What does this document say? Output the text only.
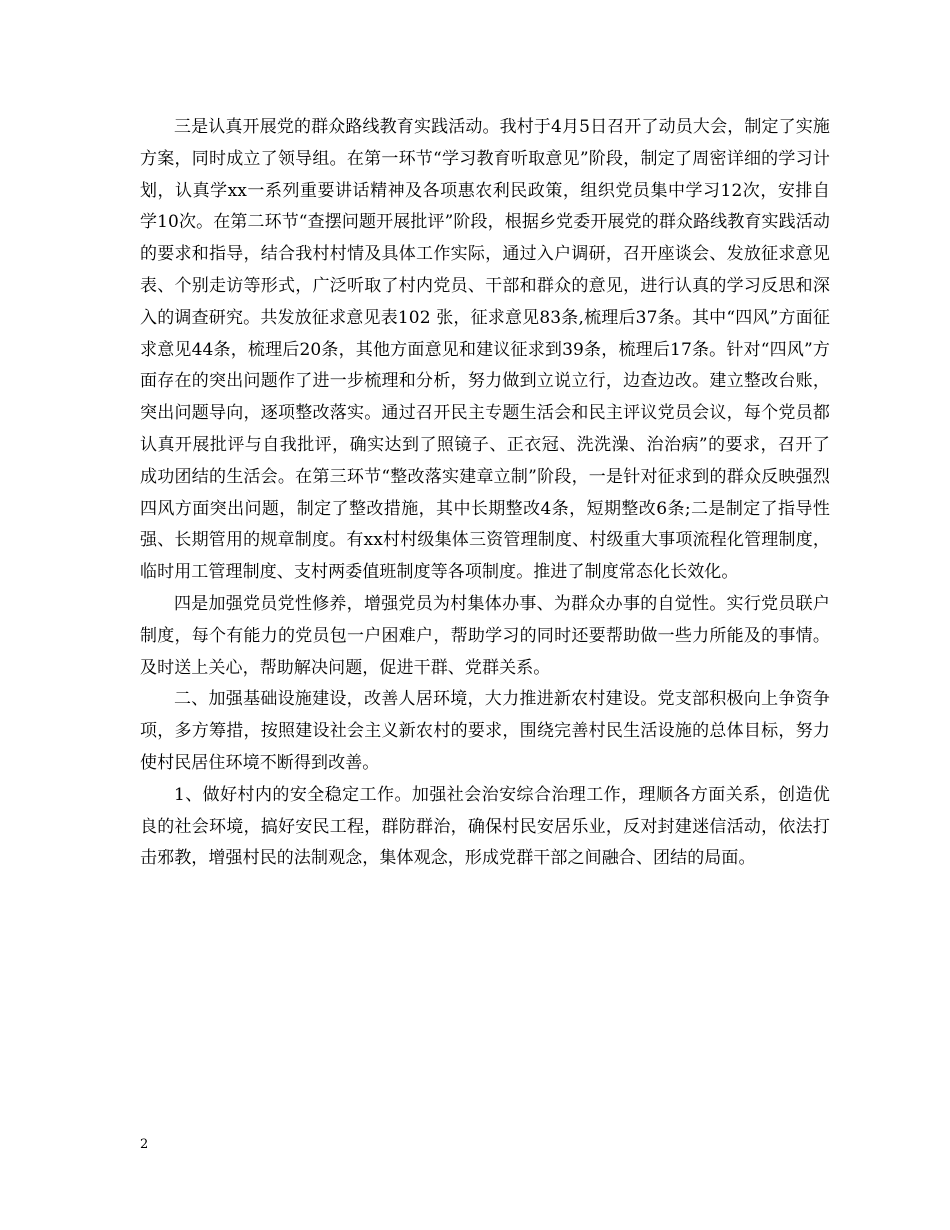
三是认真开展党的群众路线教育实践活动。我村于4月5日召开了动员大会，制定了实施方案，同时成立了领导组。在第一环节“学习教育听取意见”阶段，制定了周密详细的学习计划，认真学xx一系列重要讲话精神及各项惠农利民政策，组织党员集中学习12次，安排自学10次。在第二环节“查摆问题开展批评”阶段，根据乡党委开展党的群众路线教育实践活动的要求和指导，结合我村村情及具体工作实际，通过入户调研，召开座谈会、发放征求意见表、个别走访等形式，广泛听取了村内党员、干部和群众的意见，进行认真的学习反思和深入的调查研究。共发放征求意见表102 张，征求意见83条,梳理后37条。其中“四风”方面征求意见44条，梳理后20条，其他方面意见和建议征求到39条，梳理后17条。针对“四风”方面存在的突出问题作了进一步梳理和分析，努力做到立说立行，边查边改。建立整改台账，突出问题导向，逐项整改落实。通过召开民主专题生活会和民主评议党员会议，每个党员都认真开展批评与自我批评，确实达到了照镜子、正衣冠、洗洗澡、治治病”的要求，召开了成功团结的生活会。在第三环节“整改落实建章立制”阶段，一是针对征求到的群众反映强烈四风方面突出问题，制定了整改措施，其中长期整改4条，短期整改6条;二是制定了指导性强、长期管用的规章制度。有xx村村级集体三资管理制度、村级重大事项流程化管理制度，临时用工管理制度、支村两委值班制度等各项制度。推进了制度常态化长效化。

四是加强党员党性修养，增强党员为村集体办事、为群众办事的自觉性。实行党员联户制度，每个有能力的党员包一户困难户，帮助学习的同时还要帮助做一些力所能及的事情。及时送上关心，帮助解决问题，促进干群、党群关系。

二、加强基础设施建设，改善人居环境，大力推进新农村建设。党支部积极向上争资争项，多方筹措，按照建设社会主义新农村的要求，围绕完善村民生活设施的总体目标，努力使村民居住环境不断得到改善。

1、做好村内的安全稳定工作。加强社会治安综合治理工作，理顺各方面关系，创造优良的社会环境，搞好安民工程，群防群治，确保村民安居乐业，反对封建迷信活动，依法打击邪教，增强村民的法制观念，集体观念，形成党群干部之间融合、团结的局面。

2
